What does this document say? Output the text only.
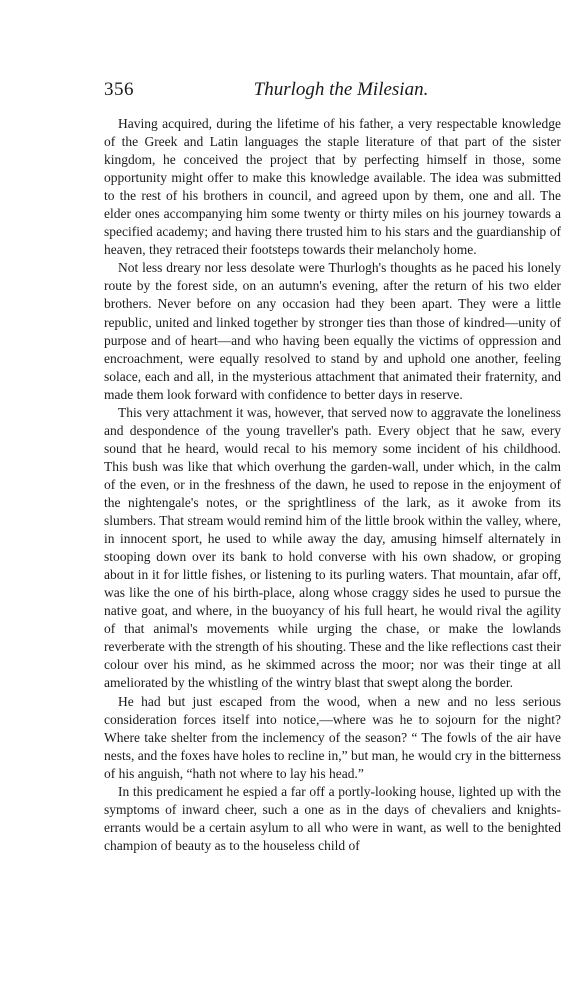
356	Thurlogh the Milesian.

Having acquired, during the lifetime of his father, a very respectable knowledge of the Greek and Latin languages the staple literature of that part of the sister kingdom, he conceived the project that by perfecting himself in those, some opportunity might offer to make this knowledge available. The idea was submitted to the rest of his brothers in council, and agreed upon by them, one and all. The elder ones accompanying him some twenty or thirty miles on his journey towards a specified academy; and having there trusted him to his stars and the guardianship of heaven, they retraced their footsteps towards their melancholy home.

Not less dreary nor less desolate were Thurlogh's thoughts as he paced his lonely route by the forest side, on an autumn's evening, after the return of his two elder brothers. Never before on any occasion had they been apart. They were a little republic, united and linked together by stronger ties than those of kindred—unity of purpose and of heart—and who having been equally the victims of oppression and encroachment, were equally resolved to stand by and uphold one another, feeling solace, each and all, in the mysterious attachment that animated their fraternity, and made them look forward with confidence to better days in reserve.

This very attachment it was, however, that served now to aggravate the loneliness and despondence of the young traveller's path. Every object that he saw, every sound that he heard, would recal to his memory some incident of his childhood. This bush was like that which overhung the garden-wall, under which, in the calm of the even, or in the freshness of the dawn, he used to repose in the enjoyment of the nightengale's notes, or the sprightliness of the lark, as it awoke from its slumbers. That stream would remind him of the little brook within the valley, where, in innocent sport, he used to while away the day, amusing himself alternately in stooping down over its bank to hold converse with his own shadow, or groping about in it for little fishes, or listening to its purling waters. That mountain, afar off, was like the one of his birth-place, along whose craggy sides he used to pursue the native goat, and where, in the buoyancy of his full heart, he would rival the agility of that animal's movements while urging the chase, or make the lowlands reverberate with the strength of his shouting. These and the like reflections cast their colour over his mind, as he skimmed across the moor; nor was their tinge at all ameliorated by the whistling of the wintry blast that swept along the border.

He had but just escaped from the wood, when a new and no less serious consideration forces itself into notice,—where was he to sojourn for the night? Where take shelter from the inclemency of the season? “ The fowls of the air have nests, and the foxes have holes to recline in,” but man, he would cry in the bitterness of his anguish, “hath not where to lay his head.”

In this predicament he espied a far off a portly-looking house, lighted up with the symptoms of inward cheer, such a one as in the days of chevaliers and knights-errants would be a certain asylum to all who were in want, as well to the benighted champion of beauty as to the houseless child of
